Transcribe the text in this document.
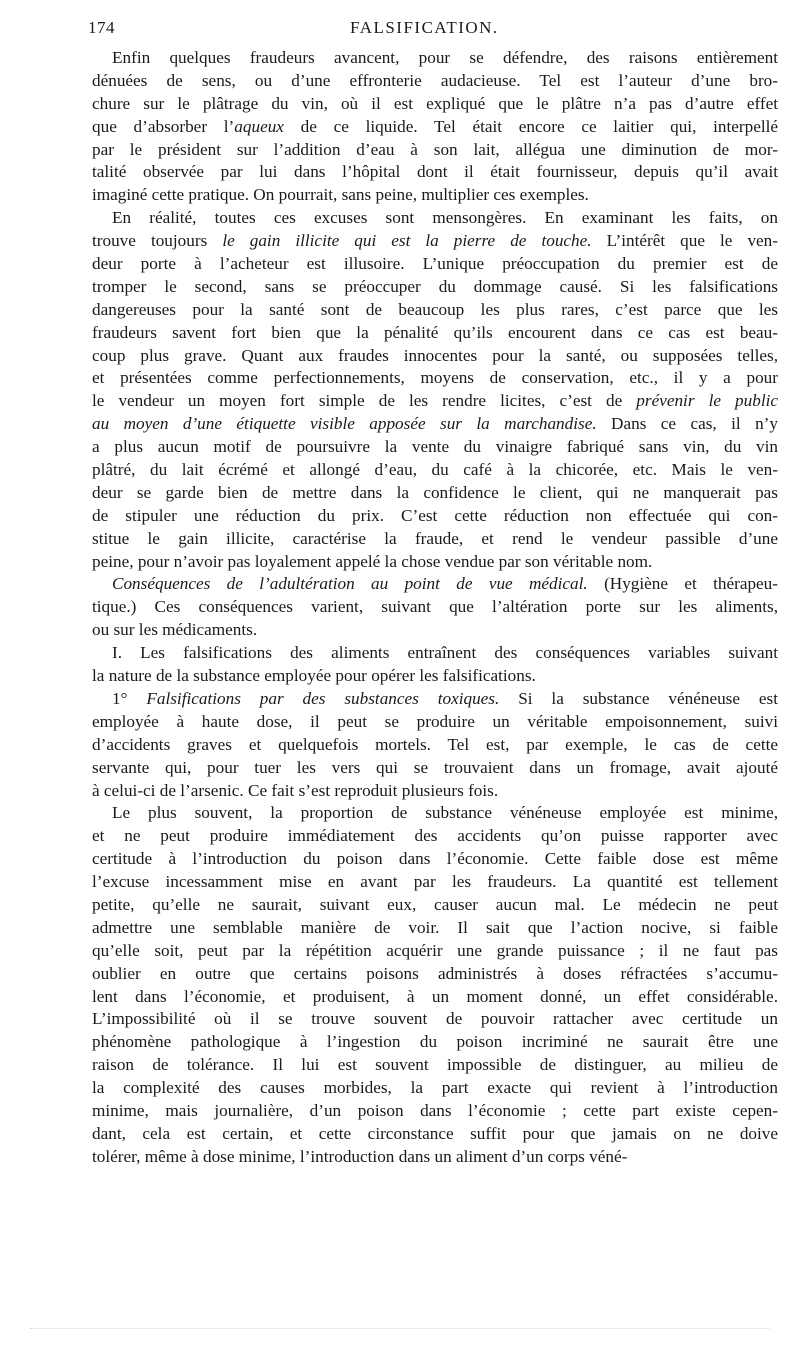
174	FALSIFICATION.
Enfin quelques fraudeurs avancent, pour se défendre, des raisons entièrement
dénuées de sens, ou d’une effronterie audacieuse. Tel est l’auteur d’une bro-
chure sur le plâtrage du vin, où il est expliqué que le plâtre n’a pas d’autre effet
que d’absorber l’aqueux de ce liquide. Tel était encore ce laitier qui, interpellé
par le président sur l’addition d’eau à son lait, allégua une diminution de mor-
talité observée par lui dans l’hôpital dont il était fournisseur, depuis qu’il avait
imaginé cette pratique. On pourrait, sans peine, multiplier ces exemples.
En réalité, toutes ces excuses sont mensongères. En examinant les faits, on
trouve toujours le gain illicite qui est la pierre de touche. L’intérêt que le ven-
deur porte à l’acheteur est illusoire. L’unique préoccupation du premier est de
tromper le second, sans se préoccuper du dommage causé. Si les falsifications
dangereuses pour la santé sont de beaucoup les plus rares, c’est parce que les
fraudeurs savent fort bien que la pénalité qu’ils encourent dans ce cas est beau-
coup plus grave. Quant aux fraudes innocentes pour la santé, ou supposées telles,
et présentées comme perfectionnements, moyens de conservation, etc., il y a pour
le vendeur un moyen fort simple de les rendre licites, c’est de prévenir le public
au moyen d’une étiquette visible apposée sur la marchandise. Dans ce cas, il n’y
a plus aucun motif de poursuivre la vente du vinaigre fabriqué sans vin, du vin
plâtré, du lait écrémé et allongé d’eau, du café à la chicorée, etc. Mais le ven-
deur se garde bien de mettre dans la confidence le client, qui ne manquerait pas
de stipuler une réduction du prix. C’est cette réduction non effectuée qui con-
stitue le gain illicite, caractérise la fraude, et rend le vendeur passible d’une
peine, pour n’avoir pas loyalement appelé la chose vendue par son véritable nom.
Conséquences de l’adultération au point de vue médical. (Hygiène et thérapeu-
tique.) Ces conséquences varient, suivant que l’altération porte sur les aliments,
ou sur les médicaments.
I. Les falsifications des aliments entraînent des conséquences variables suivant
la nature de la substance employée pour opérer les falsifications.
1° Falsifications par des substances toxiques. Si la substance vénéneuse est
employée à haute dose, il peut se produire un véritable empoisonnement, suivi
d’accidents graves et quelquefois mortels. Tel est, par exemple, le cas de cette
servante qui, pour tuer les vers qui se trouvaient dans un fromage, avait ajouté
à celui-ci de l’arsenic. Ce fait s’est reproduit plusieurs fois.
Le plus souvent, la proportion de substance vénéneuse employée est minime,
et ne peut produire immédiatement des accidents qu’on puisse rapporter avec
certitude à l’introduction du poison dans l’économie. Cette faible dose est même
l’excuse incessamment mise en avant par les fraudeurs. La quantité est tellement
petite, qu’elle ne saurait, suivant eux, causer aucun mal. Le médecin ne peut
admettre une semblable manière de voir. Il sait que l’action nocive, si faible
qu’elle soit, peut par la répétition acquérir une grande puissance ; il ne faut pas
oublier en outre que certains poisons administrés à doses réfractées s’accumu-
lent dans l’économie, et produisent, à un moment donné, un effet considérable.
L’impossibilité où il se trouve souvent de pouvoir rattacher avec certitude un
phénomène pathologique à l’ingestion du poison incriminé ne saurait être une
raison de tolérance. Il lui est souvent impossible de distinguer, au milieu de
la complexité des causes morbides, la part exacte qui revient à l’introduction
minime, mais journalière, d’un poison dans l’économie ; cette part existe cepen-
dant, cela est certain, et cette circonstance suffit pour que jamais on ne doive
tolérer, même à dose minime, l’introduction dans un aliment d’un corps véné-
